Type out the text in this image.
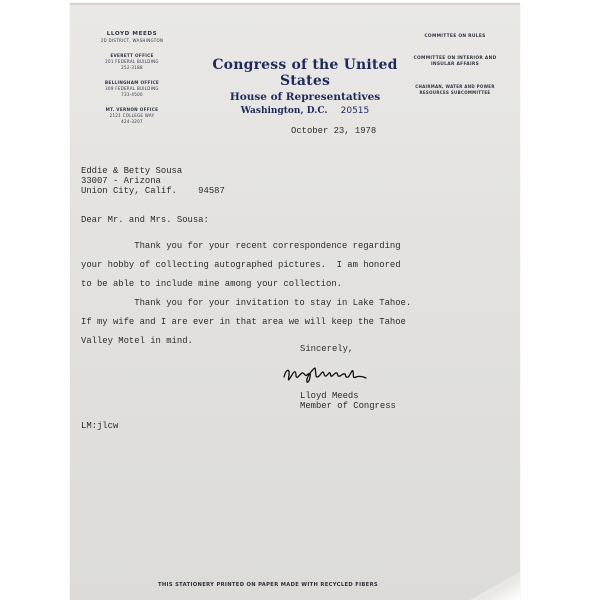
LLOYD MEEDS
2D DISTRICT, WASHINGTON
EVERETT OFFICE
201 FEDERAL BUILDING
252-3188
BELLINGHAM OFFICE
309 FEDERAL BUILDING
733-4500
MT. VERNON OFFICE
2121 COLLEGE WAY
424-3207
Congress of the United States
House of Representatives
Washington, D.C. 20515
COMMITTEE ON RULES
COMMITTEE ON INTERIOR AND INSULAR AFFAIRS
CHAIRMAN, WATER AND POWER RESOURCES SUBCOMMITTEE
October 23, 1978
Eddie & Betty Sousa
33007 - Arizona
Union City, Calif.    94587
Dear Mr. and Mrs. Sousa:
Thank you for your recent correspondence regarding
your hobby of collecting autographed pictures.  I am honored
to be able to include mine among your collection.
Thank you for your invitation to stay in Lake Tahoe.
If my wife and I are ever in that area we will keep the Tahoe
Valley Motel in mind.
Sincerely,
Lloyd Meeds
Member of Congress
LM:jlcw
THIS STATIONERY PRINTED ON PAPER MADE WITH RECYCLED FIBERS
